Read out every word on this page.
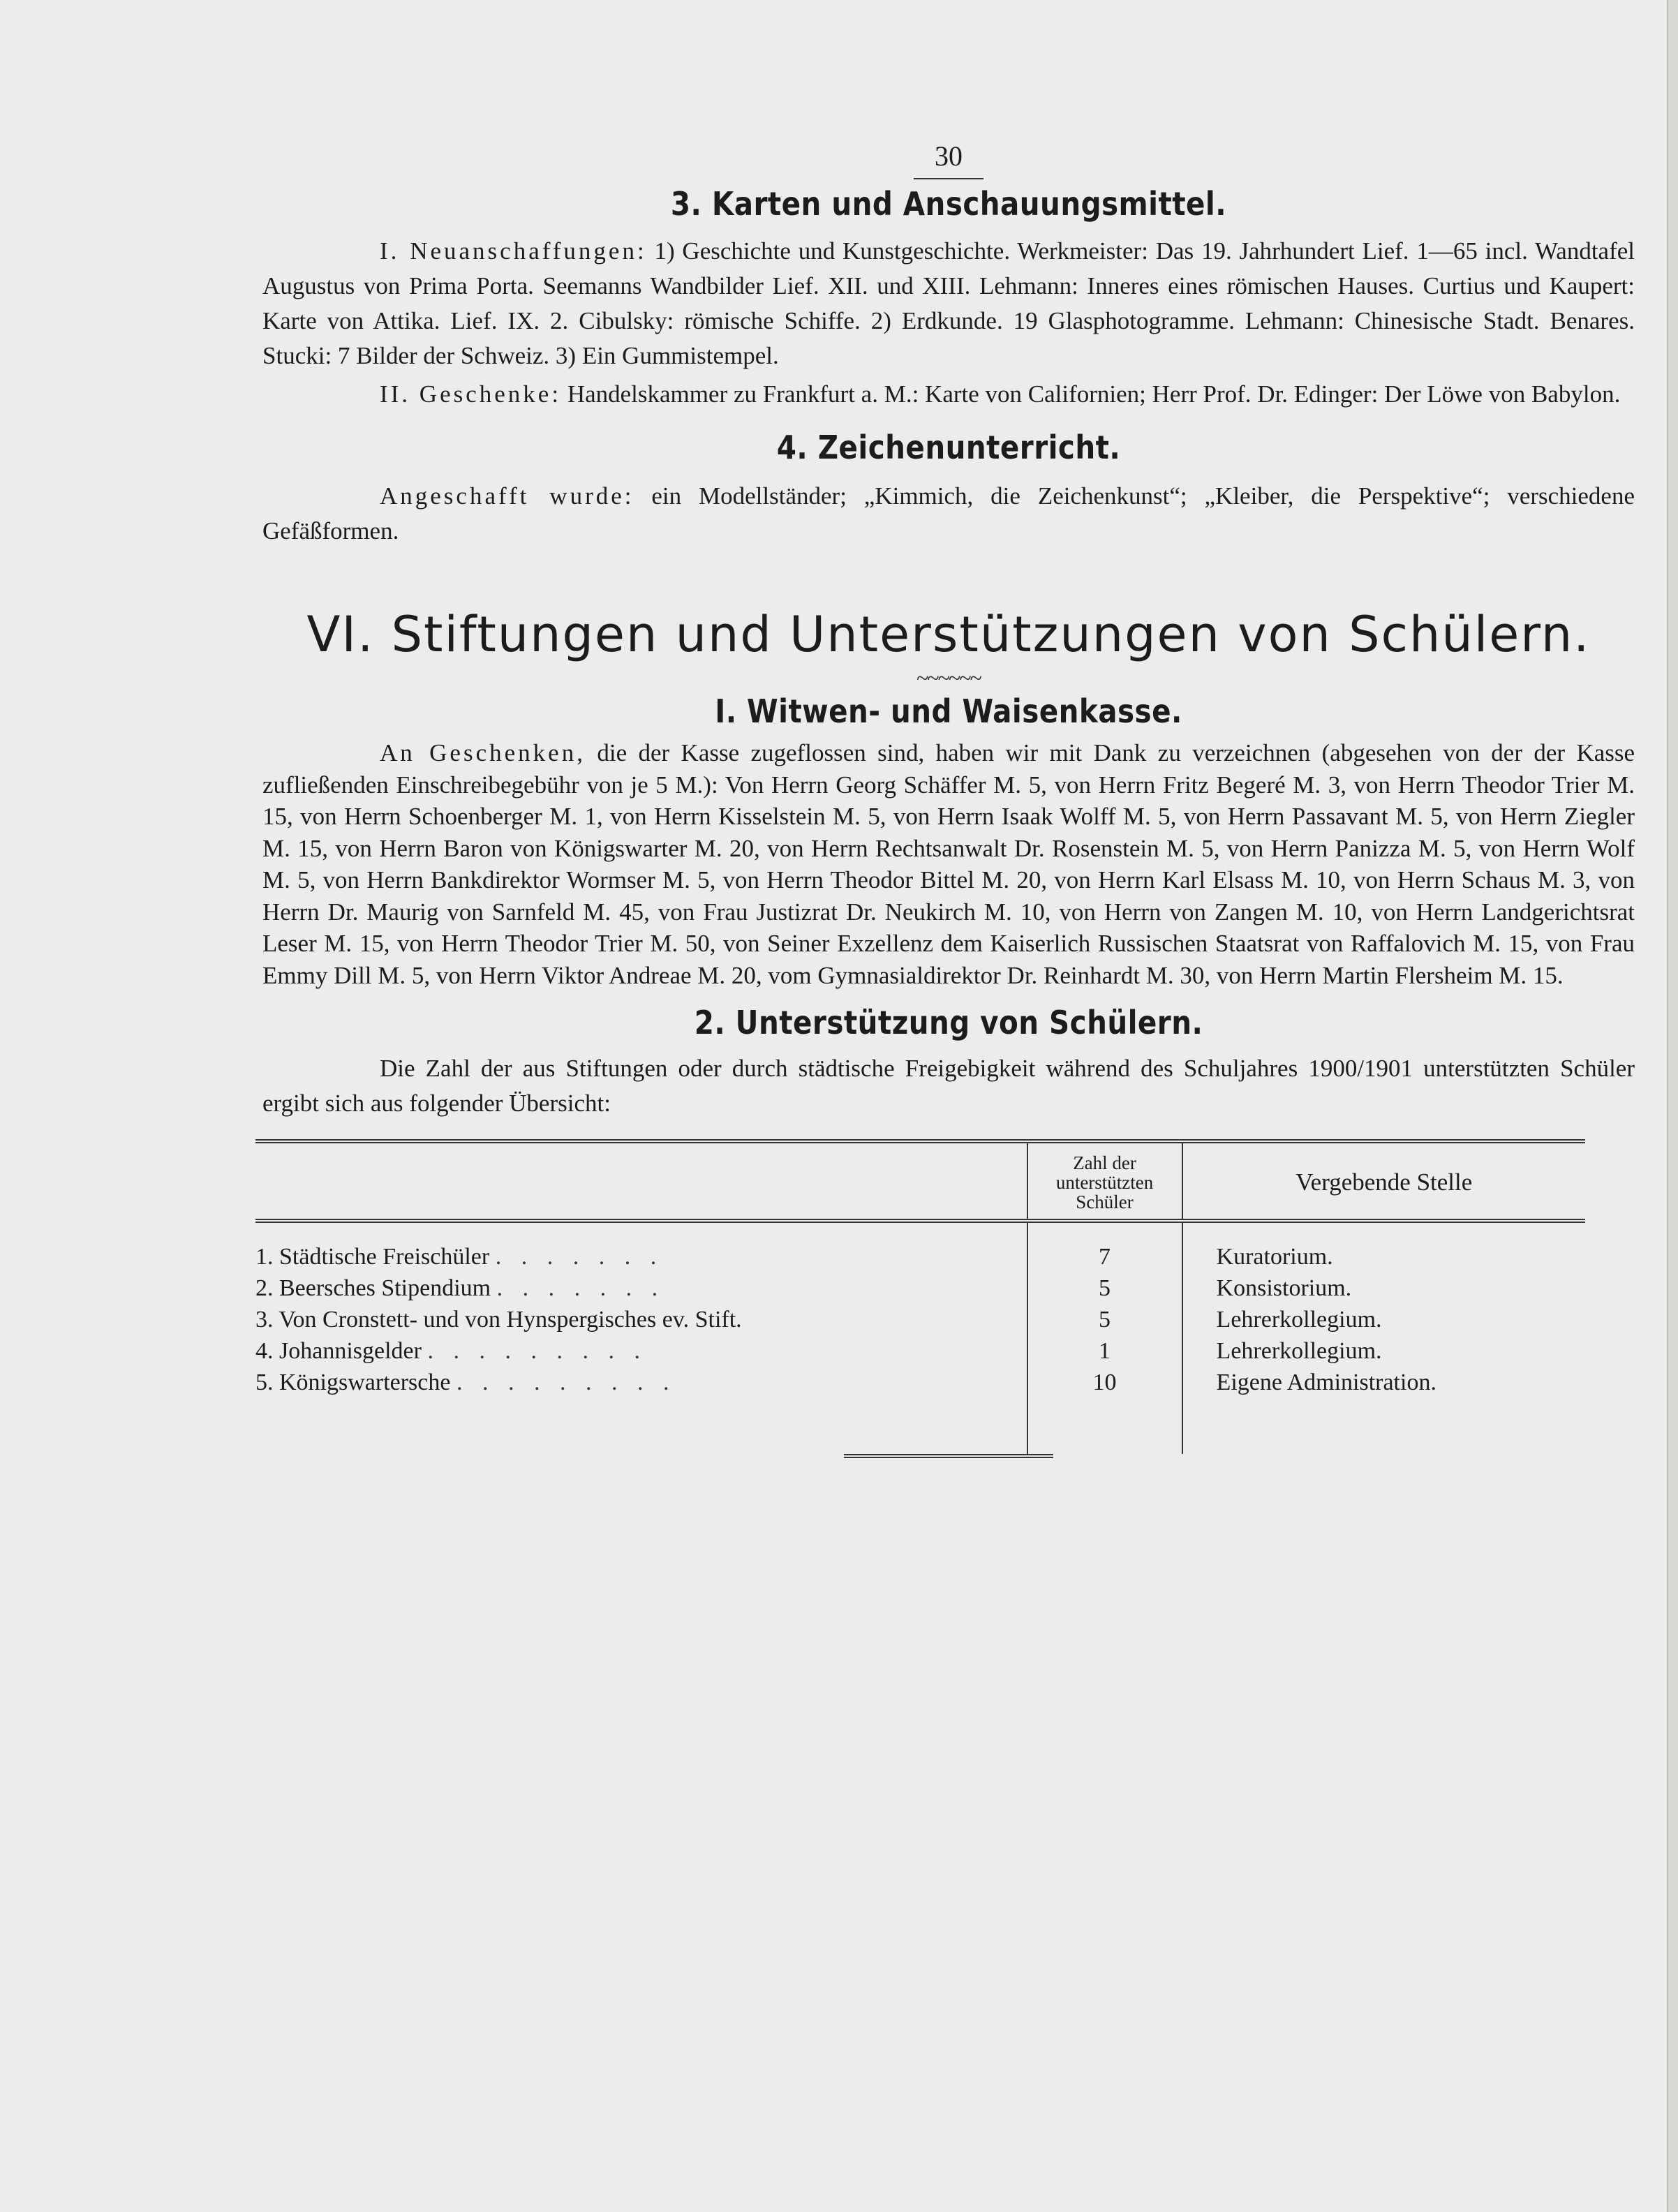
30
3. Karten und Anschauungsmittel.

I. Neuanschaffungen: 1) Geschichte und Kunstgeschichte. Werkmeister: Das 19. Jahrhundert Lief. 1—65 incl. Wandtafel Augustus von Prima Porta. Seemanns Wandbilder Lief. XII. und XIII. Lehmann: Inneres eines römischen Hauses. Curtius und Kaupert: Karte von Attika. Lief. IX. 2. Cibulsky: römische Schiffe. 2) Erdkunde. 19 Glasphotogramme. Lehmann: Chinesische Stadt. Benares. Stucki: 7 Bilder der Schweiz. 3) Ein Gummistempel.

II. Geschenke: Handelskammer zu Frankfurt a. M.: Karte von Californien; Herr Prof. Dr. Edinger: Der Löwe von Babylon.

4. Zeichenunterricht.

Angeschafft wurde: ein Modellständer; „Kimmich, die Zeichenkunst“; „Kleiber, die Perspektive“; verschiedene Gefäßformen.

VI. Stiftungen und Unterstützungen von Schülern.
~~~~~~
I. Witwen- und Waisenkasse.

An Geschenken, die der Kasse zugeflossen sind, haben wir mit Dank zu verzeichnen (abgesehen von der der Kasse zufließenden Einschreibegebühr von je 5 M.): Von Herrn Georg Schäffer M. 5, von Herrn Fritz Begeré M. 3, von Herrn Theodor Trier M. 15, von Herrn Schoenberger M. 1, von Herrn Kisselstein M. 5, von Herrn Isaak Wolff M. 5, von Herrn Passavant M. 5, von Herrn Ziegler M. 15, von Herrn Baron von Königswarter M. 20, von Herrn Rechtsanwalt Dr. Rosenstein M. 5, von Herrn Panizza M. 5, von Herrn Wolf M. 5, von Herrn Bankdirektor Wormser M. 5, von Herrn Theodor Bittel M. 20, von Herrn Karl Elsass M. 10, von Herrn Schaus M. 3, von Herrn Dr. Maurig von Sarnfeld M. 45, von Frau Justizrat Dr. Neukirch M. 10, von Herrn von Zangen M. 10, von Herrn Landgerichtsrat Leser M. 15, von Herrn Theodor Trier M. 50, von Seiner Exzellenz dem Kaiserlich Russischen Staatsrat von Raffalovich M. 15, von Frau Emmy Dill M. 5, von Herrn Viktor Andreae M. 20, vom Gymnasialdirektor Dr. Reinhardt M. 30, von Herrn Martin Flersheim M. 15.

2. Unterstützung von Schülern.

Die Zahl der aus Stiftungen oder durch städtische Freigebigkeit während des Schuljahres 1900/1901 unterstützten Schüler ergibt sich aus folgender Übersicht:

	Zahl der unterstützten Schüler	Vergebende Stelle
1. Städtische Freischüler . . . . . . .	7	Kuratorium.
2. Beersches Stipendium . . . . . . .	5	Konsistorium.
3. Von Cronstett- und von Hynspergisches ev. Stift.	5	Lehrerkollegium.
4. Johannisgelder . . . . . . . . .	1	Lehrerkollegium.
5. Königswartersche . . . . . . . . .	10	Eigene Administration.
